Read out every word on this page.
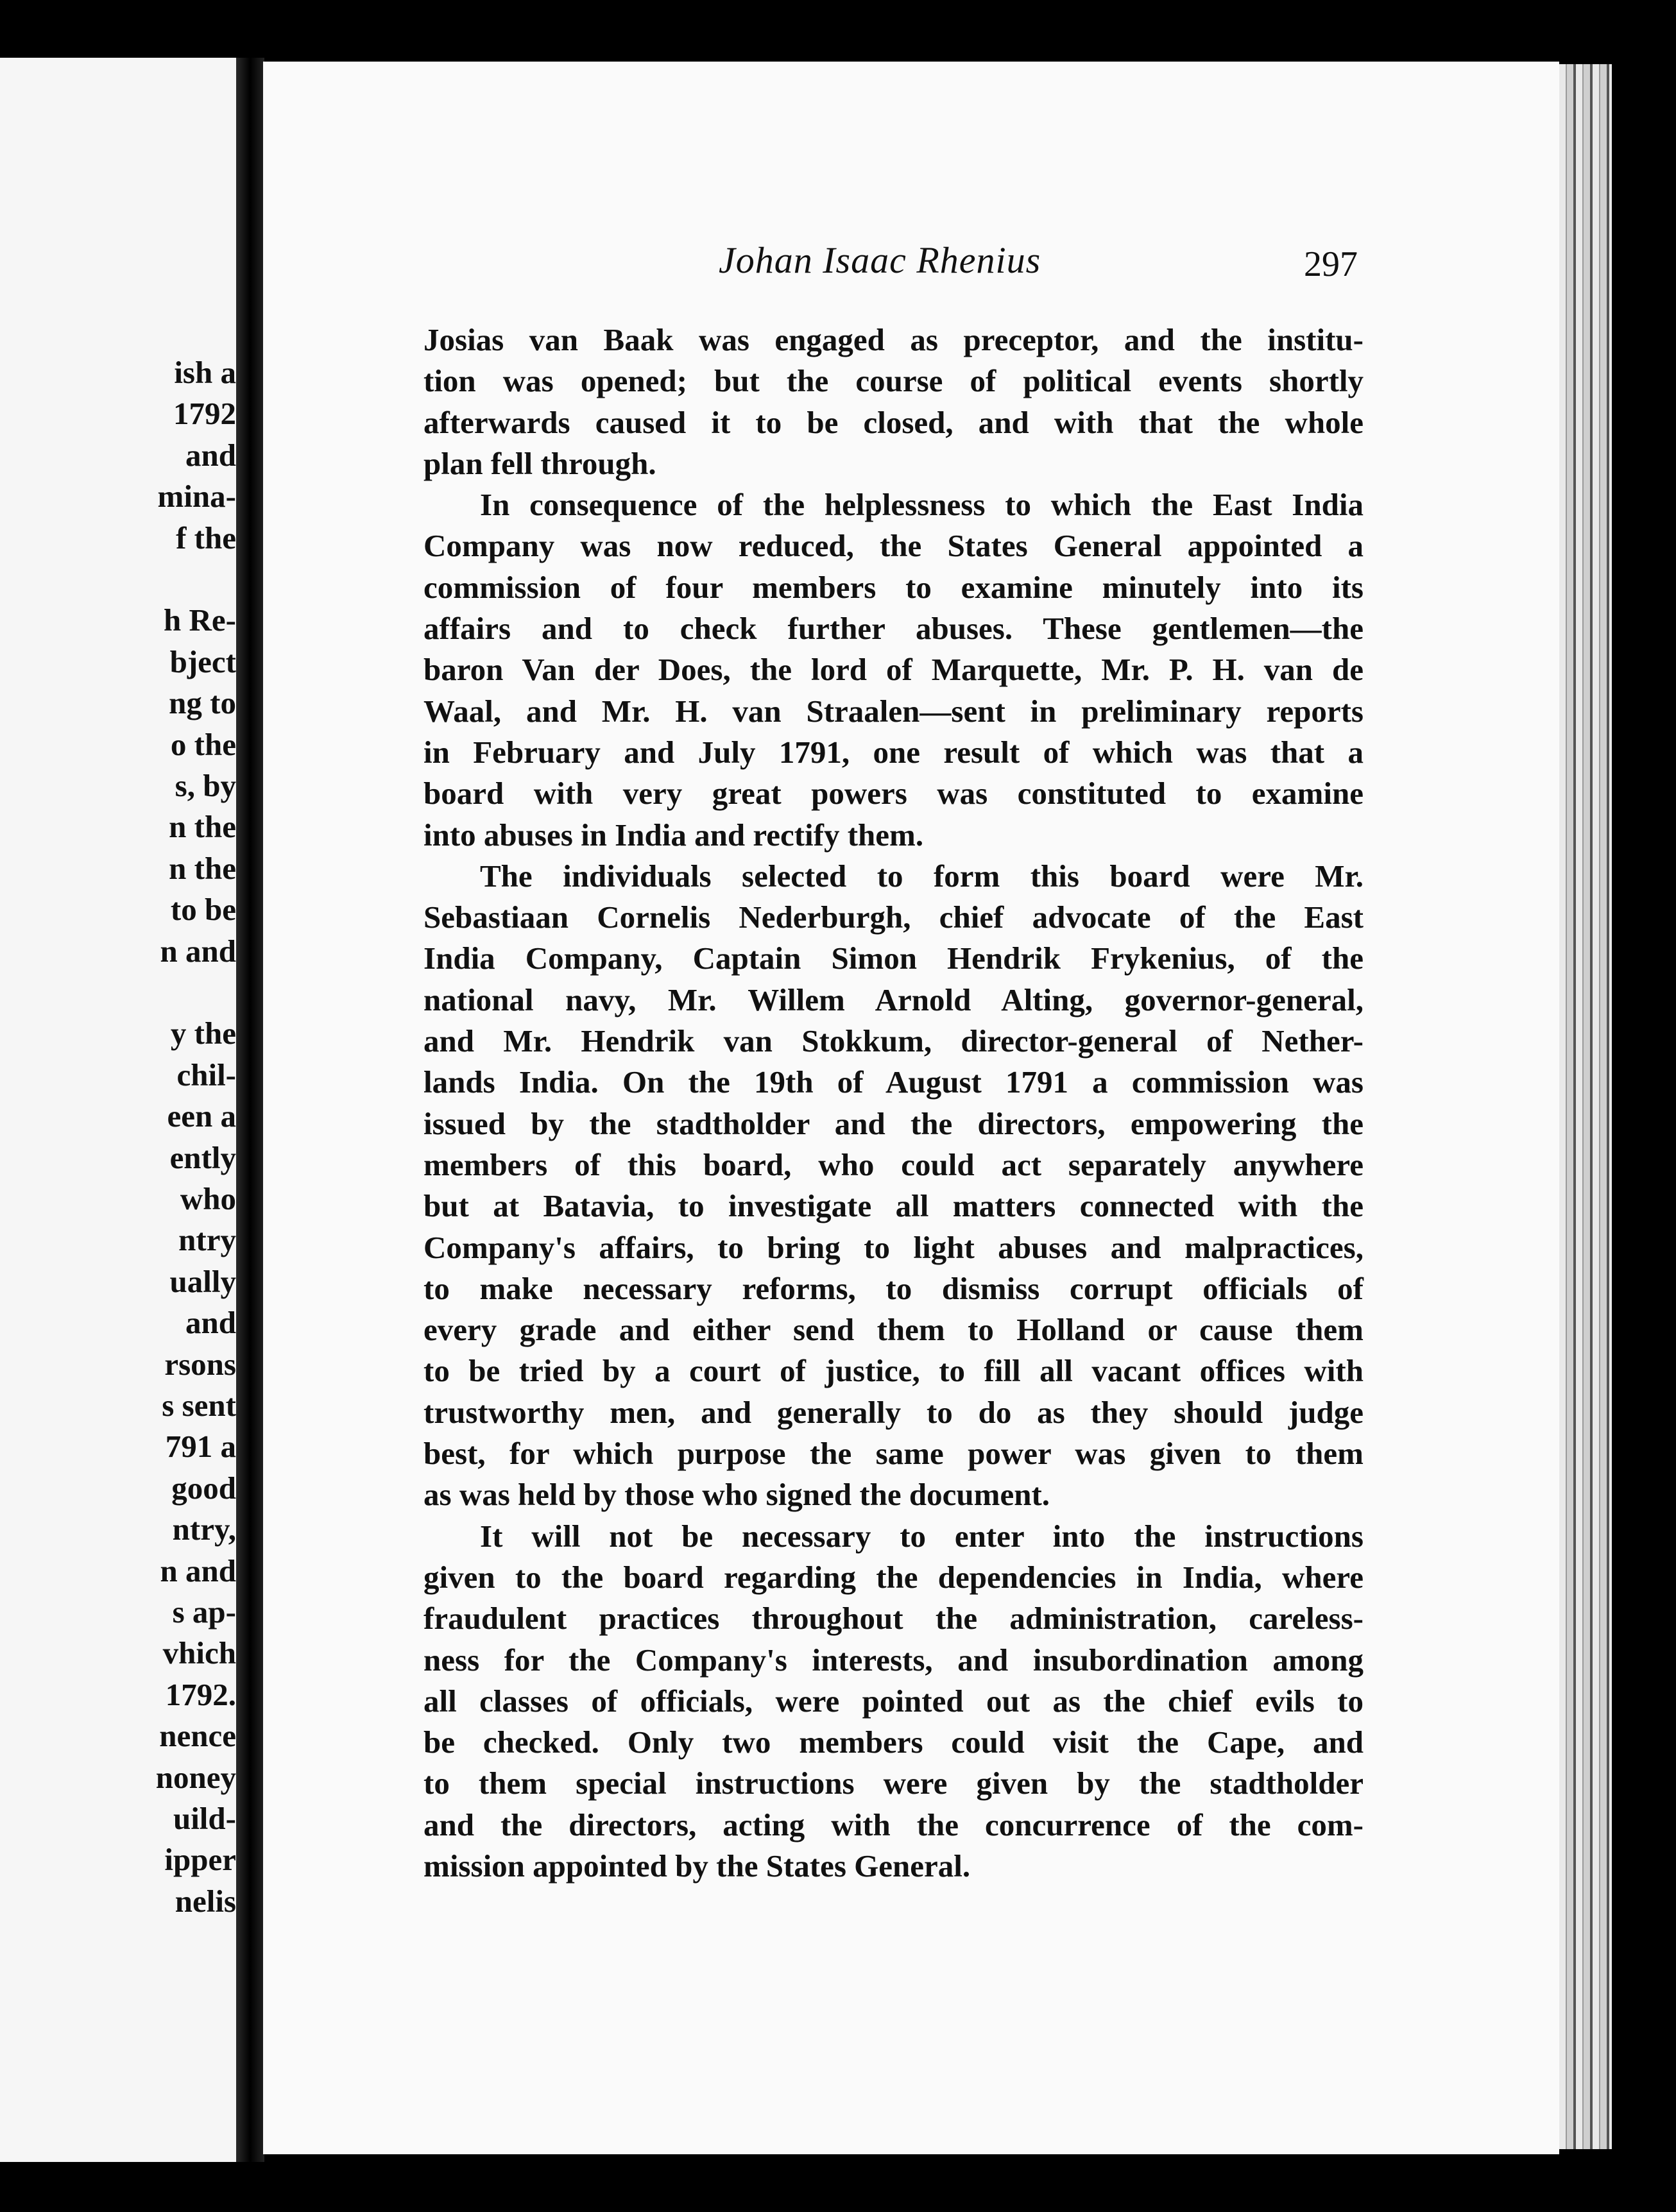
ish a
1792
and
mina-
f the
h Re-
bject
ng to
o the
s, by
n the
n the
to be
n and
y the
chil-
een a
ently
who
ntry
ually
and
rsons
s sent
791 a
good
ntry,
n and
s ap-
vhich
1792.
nence
noney
uild-
ipper
nelis
Johan Isaac Rhenius	297
Josias van Baak was engaged as preceptor, and the institu-
tion was opened; but the course of political events shortly
afterwards caused it to be closed, and with that the whole
plan fell through.
In consequence of the helplessness to which the East India
Company was now reduced, the States General appointed a
commission of four members to examine minutely into its
affairs and to check further abuses. These gentlemen—the
baron Van der Does, the lord of Marquette, Mr. P. H. van de
Waal, and Mr. H. van Straalen—sent in preliminary reports
in February and July 1791, one result of which was that a
board with very great powers was constituted to examine
into abuses in India and rectify them.
The individuals selected to form this board were Mr.
Sebastiaan Cornelis Nederburgh, chief advocate of the East
India Company, Captain Simon Hendrik Frykenius, of the
national navy, Mr. Willem Arnold Alting, governor-general,
and Mr. Hendrik van Stokkum, director-general of Nether-
lands India. On the 19th of August 1791 a commission was
issued by the stadtholder and the directors, empowering the
members of this board, who could act separately anywhere
but at Batavia, to investigate all matters connected with the
Company's affairs, to bring to light abuses and malpractices,
to make necessary reforms, to dismiss corrupt officials of
every grade and either send them to Holland or cause them
to be tried by a court of justice, to fill all vacant offices with
trustworthy men, and generally to do as they should judge
best, for which purpose the same power was given to them
as was held by those who signed the document.
It will not be necessary to enter into the instructions
given to the board regarding the dependencies in India, where
fraudulent practices throughout the administration, careless-
ness for the Company's interests, and insubordination among
all classes of officials, were pointed out as the chief evils to
be checked. Only two members could visit the Cape, and
to them special instructions were given by the stadtholder
and the directors, acting with the concurrence of the com-
mission appointed by the States General.
